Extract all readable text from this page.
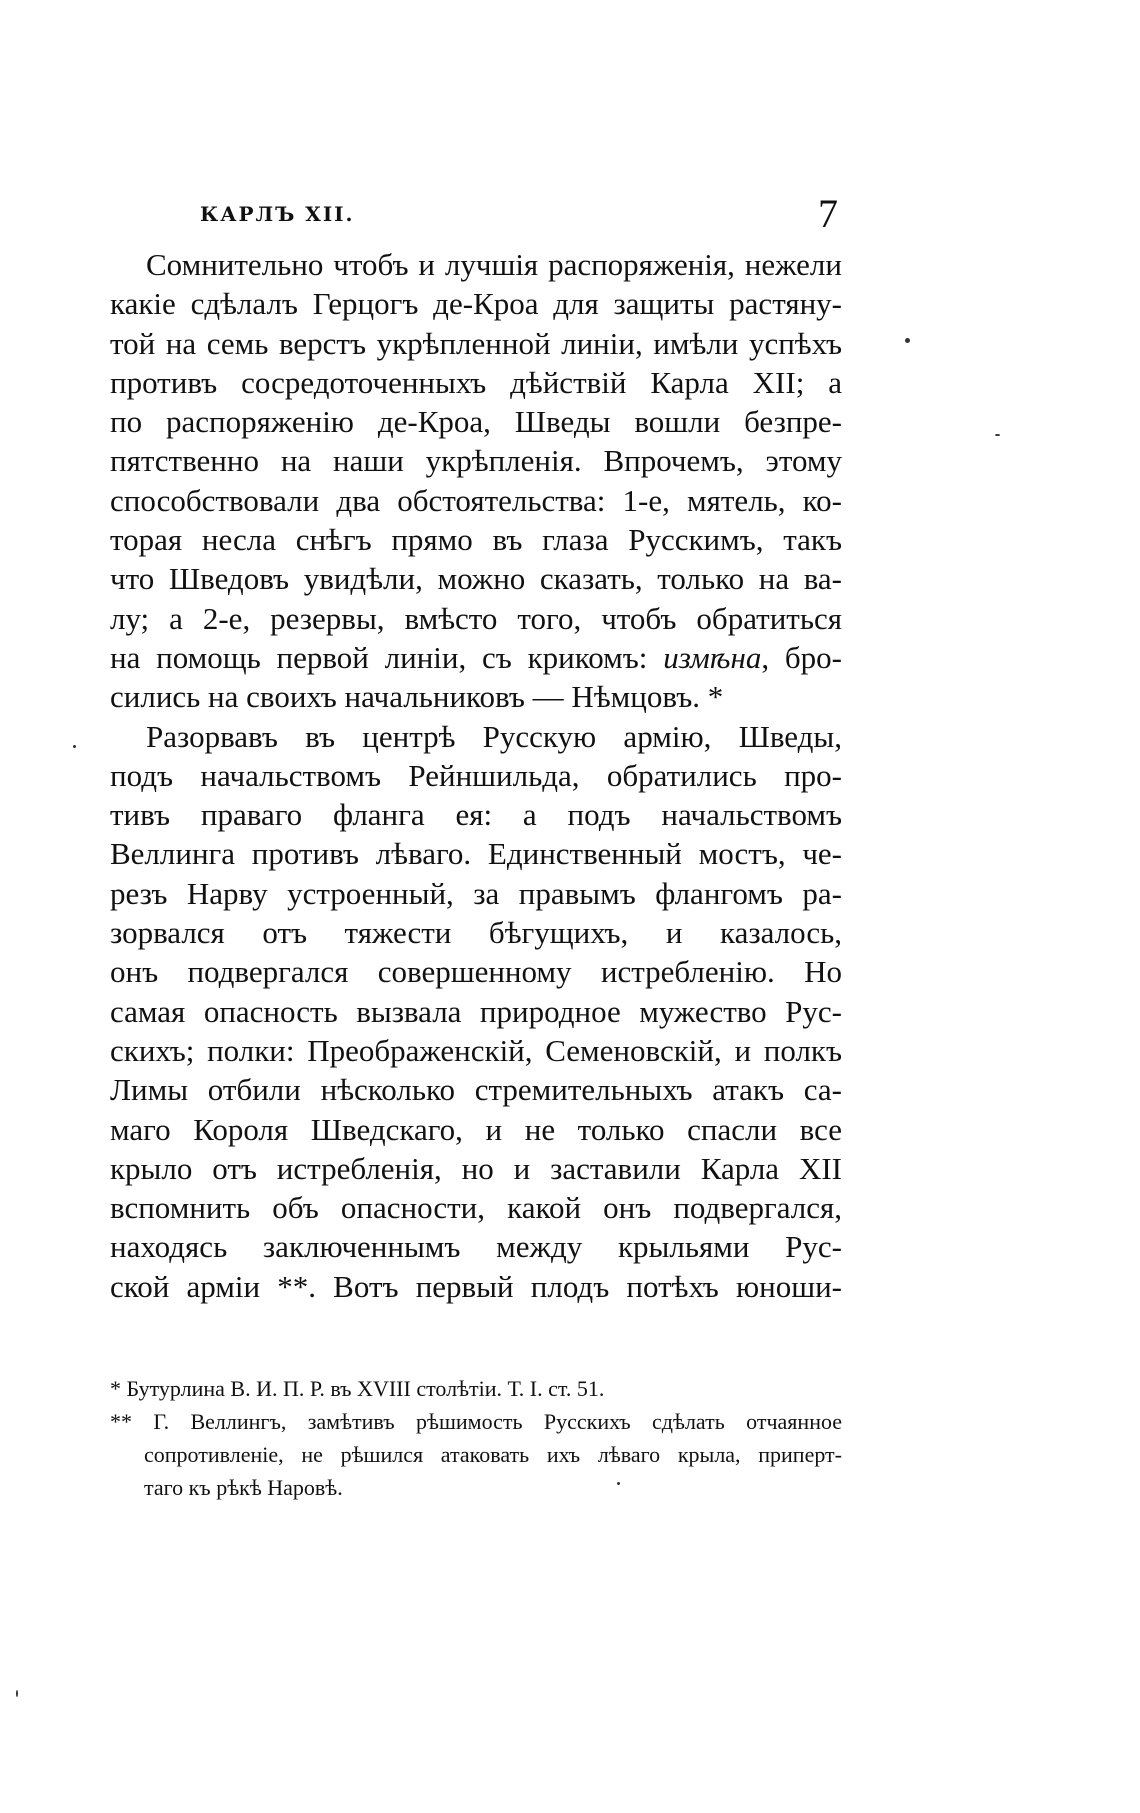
КАРЛЪ XII.	7
Сомнительно чтобъ и лучшія распоряженія, нежели
какіе сдѣлалъ Герцогъ де-Кроа для защиты растяну-
той на семь верстъ укрѣпленной линіи, имѣли успѣхъ
противъ сосредоточенныхъ дѣйствій Карла XII; а
по распоряженію де-Кроа, Шведы вошли безпре-
пятственно на наши укрѣпленія. Впрочемъ, этому
способствовали два обстоятельства: 1-е, мятель, ко-
торая несла снѣгъ прямо въ глаза Русскимъ, такъ
что Шведовъ увидѣли, можно сказать, только на ва-
лу; а 2-е, резервы, вмѣсто того, чтобъ обратиться
на помощь первой линіи, съ крикомъ: измѣна, бро-
сились на своихъ начальниковъ — Нѣмцовъ. *
Разорвавъ въ центрѣ Русскую армію, Шведы,
подъ начальствомъ Рейншильда, обратились про-
тивъ праваго фланга ея: а подъ начальствомъ
Веллинга противъ лѣваго. Единственный мостъ, че-
резъ Нарву устроенный, за правымъ флангомъ ра-
зорвался отъ тяжести бѣгущихъ, и казалось,
онъ подвергался совершенному истребленію. Но
самая опасность вызвала природное мужество Рус-
скихъ; полки: Преображенскій, Семеновскій, и полкъ
Лимы отбили нѣсколько стремительныхъ атакъ са-
маго Короля Шведскаго, и не только спасли все
крыло отъ истребленія, но и заставили Карла XII
вспомнить объ опасности, какой онъ подвергался,
находясь заключеннымъ между крыльями Рус-
ской арміи **. Вотъ первый плодъ потѣхъ юноши-
* Бутурлина В. И. П. Р. въ XVIII столѣтіи. Т. I. ст. 51.
** Г. Веллингъ, замѣтивъ рѣшимость Русскихъ сдѣлать отчаянное
сопротивленіе, не рѣшился атаковать ихъ лѣваго крыла, приперт-
таго къ рѣкѣ Наровѣ.
